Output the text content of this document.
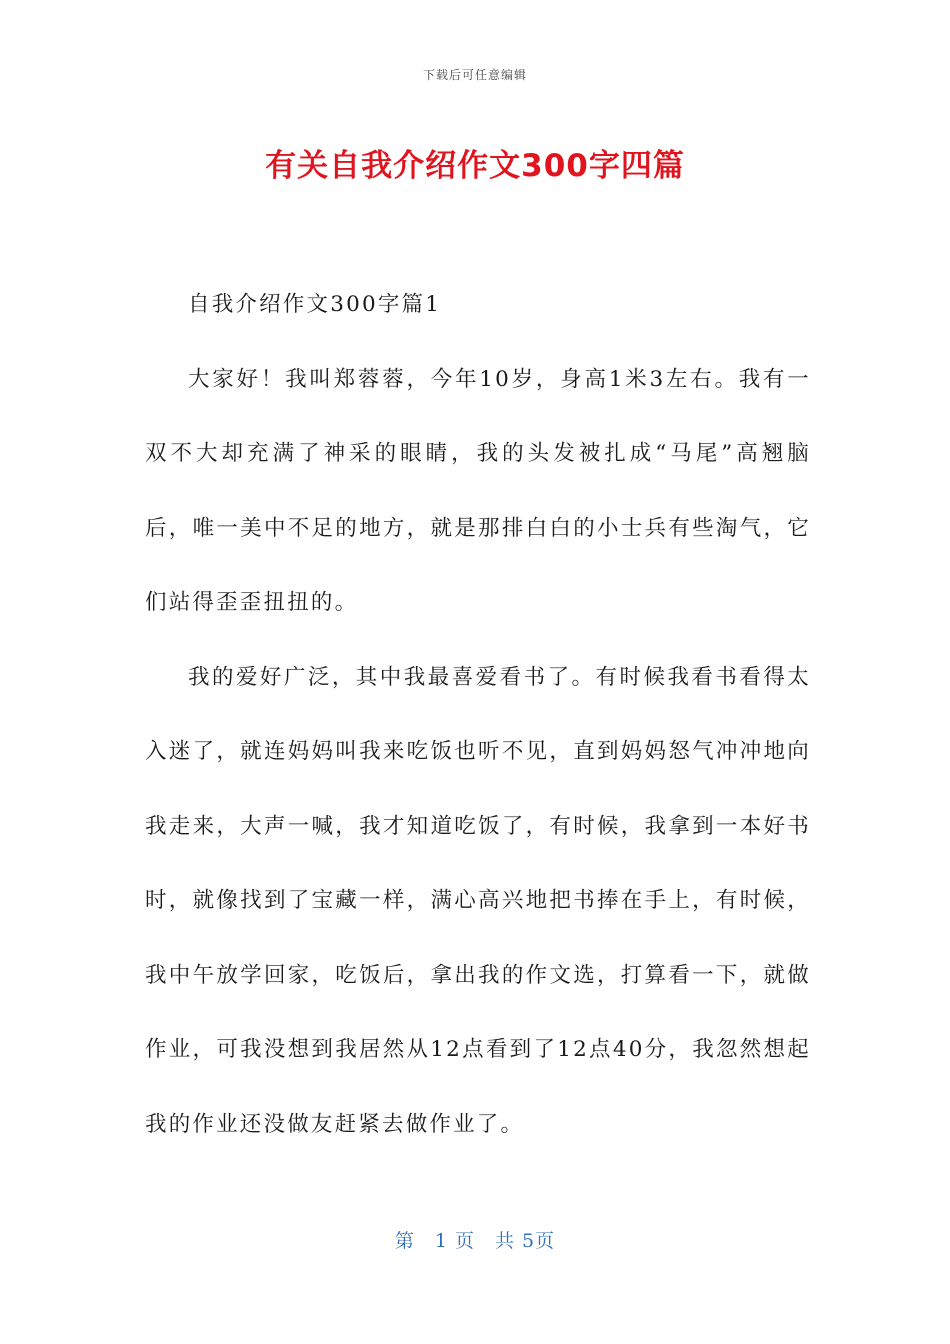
下载后可任意编辑
有关自我介绍作文300字四篇

自我介绍作文300字篇1

大家好！我叫郑蓉蓉，今年10岁，身高1米3左右。我有一双不大却充满了神采的眼睛，我的头发被扎成“马尾”高翘脑后，唯一美中不足的地方，就是那排白白的小士兵有些淘气，它们站得歪歪扭扭的。

我的爱好广泛，其中我最喜爱看书了。有时候我看书看得太入迷了，就连妈妈叫我来吃饭也听不见，直到妈妈怒气冲冲地向我走来，大声一喊，我才知道吃饭了，有时候，我拿到一本好书时，就像找到了宝藏一样，满心高兴地把书捧在手上，有时候，我中午放学回家，吃饭后，拿出我的作文选，打算看一下，就做作业，可我没想到我居然从12点看到了12点40分，我忽然想起我的作业还没做友赶紧去做作业了。

第　1 页　共 5页
